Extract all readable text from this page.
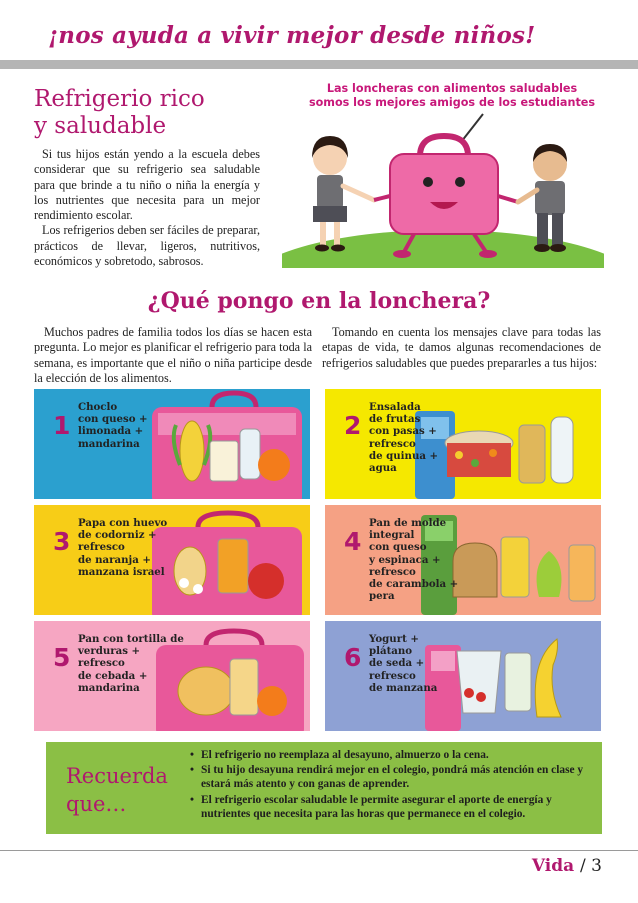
¡nos ayuda a vivir mejor desde niños!
Refrigerio rico
y saludable

Si tus hijos están yendo a la escuela debes considerar que su refrigerio sea saludable para que brinde a tu niño o niña la energía y los nutrientes que necesita para un mejor rendimiento escolar.

Los refrigerios deben ser fáciles de preparar, prácticos de llevar, ligeros, nutritivos, económicos y sobretodo, sabrosos.

Las loncheras con alimentos saludables
somos los mejores amigos de los estudiantes
¿Qué pongo en la lonchera?

Muchos padres de familia todos los días se hacen esta pregunta. Lo mejor es planificar el refrigerio para toda la semana, es importante que el niño o niña participe desde la elección de los alimentos.

Tomando en cuenta los mensajes clave para todas las etapas de vida, te damos algunas recomendaciones de refrigerios saludables que puedes prepararles a tus hijos:

1
Choclo
con queso +
limonada +
mandarina
2
Ensalada
de frutas
con pasas +
refresco
de quinua +
agua
3
Papa con huevo
de codorniz +
refresco
de naranja +
manzana israel
4
Pan de molde
integral
con queso
y espinaca +
refresco
de carambola +
pera
5
Pan con tortilla de
verduras +
refresco
de cebada +
mandarina
6
Yogurt +
plátano
de seda +
refresco
de manzana
Recuerda
que…
• El refrigerio no reemplaza al desayuno, almuerzo o la cena.
• Si tu hijo desayuna rendirá mejor en el colegio, pondrá más atención en clase y estará más atento y con ganas de aprender.
• El refrigerio escolar saludable le permite asegurar el aporte de energía y nutrientes que necesita para las horas que permanece en el colegio.
Vida / 3
